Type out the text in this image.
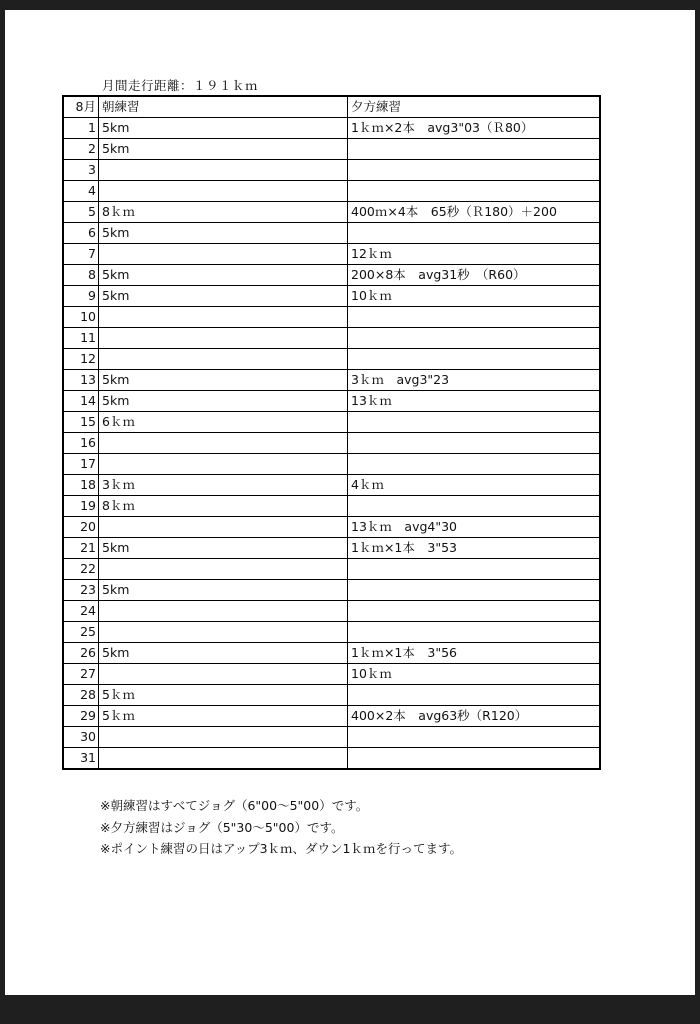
月間走行距離：１９１ｋｍ
8月	朝練習	夕方練習
1	5km	1ｋｍ×2本　avg3"03（Ｒ80）
2	5km	
3		
4		
5	8ｋｍ	400ｍ×4本　65秒（Ｒ180）＋200
6	5km	
7		12ｋｍ
8	5km	200×8本　avg31秒　（R60）
9	5km	10ｋｍ
10		
11		
12		
13	5km	3ｋｍ　avg3"23
14	5km	13ｋｍ
15	6ｋｍ	
16		
17		
18	3ｋｍ	4ｋｍ
19	8ｋｍ	
20		13ｋｍ　avg4"30
21	5km	1ｋｍ×1本　3"53
22		
23	5km	
24		
25		
26	5km	1ｋｍ×1本　3"56
27		10ｋｍ
28	5ｋｍ	
29	5ｋｍ	400×2本　avg63秒（R120）
30		
31		
※朝練習はすべてジョグ（6"00〜5"00）です。
※夕方練習はジョグ（5"30〜5"00）です。
※ポイント練習の日はアップ3ｋｍ、ダウン1ｋｍを行ってます。
